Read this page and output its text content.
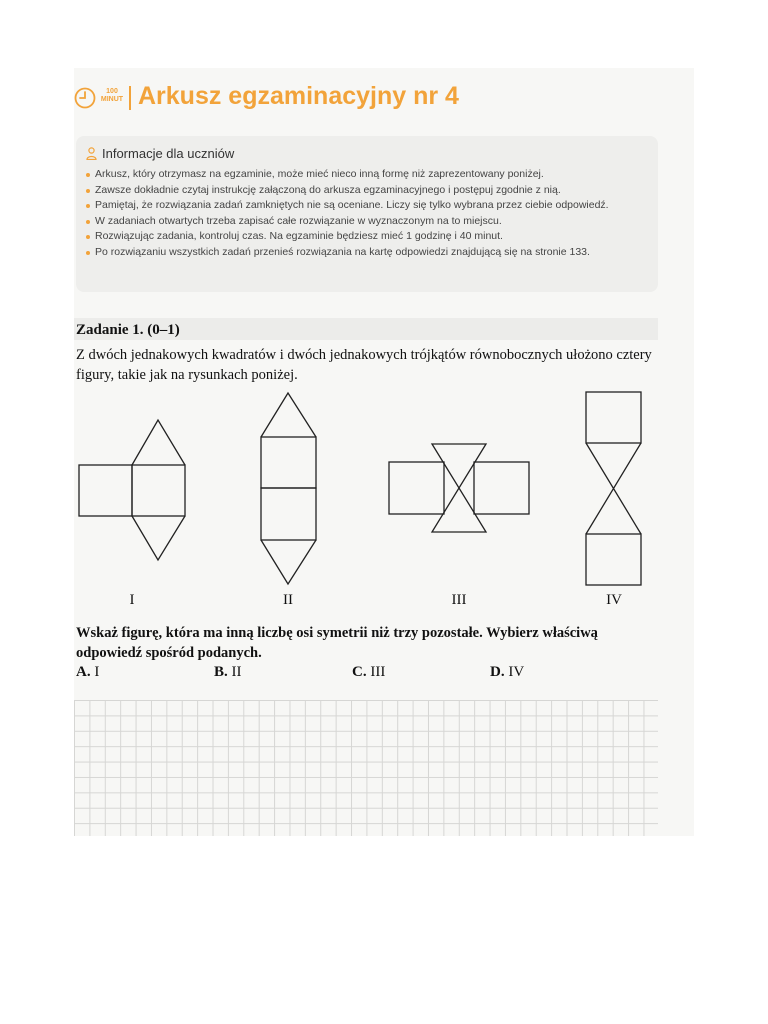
100
MINUT Arkusz egzaminacyjny nr 4
Informacje dla uczniów
Arkusz, który otrzymasz na egzaminie, może mieć nieco inną formę niż zaprezentowany poniżej.
Zawsze dokładnie czytaj instrukcję załączoną do arkusza egzaminacyjnego i postępuj zgodnie z nią.
Pamiętaj, że rozwiązania zadań zamkniętych nie są oceniane. Liczy się tylko wybrana przez ciebie odpowiedź.
W zadaniach otwartych trzeba zapisać całe rozwiązanie w wyznaczonym na to miejscu.
Rozwiązując zadania, kontroluj czas. Na egzaminie będziesz mieć 1 godzinę i 40 minut.
Po rozwiązaniu wszystkich zadań przenieś rozwiązania na kartę odpowiedzi znajdującą się na stronie 133.
Zadanie 1. (0–1)
Z dwóch jednakowych kwadratów i dwóch jednakowych trójkątów równobocznych ułożono cztery figury, takie jak na rysunkach poniżej.
I	II	III	IV
Wskaż figurę, która ma inną liczbę osi symetrii niż trzy pozostałe. Wybierz właściwą odpowiedź spośród podanych.
A. I	B. II	C. III	D. IV
